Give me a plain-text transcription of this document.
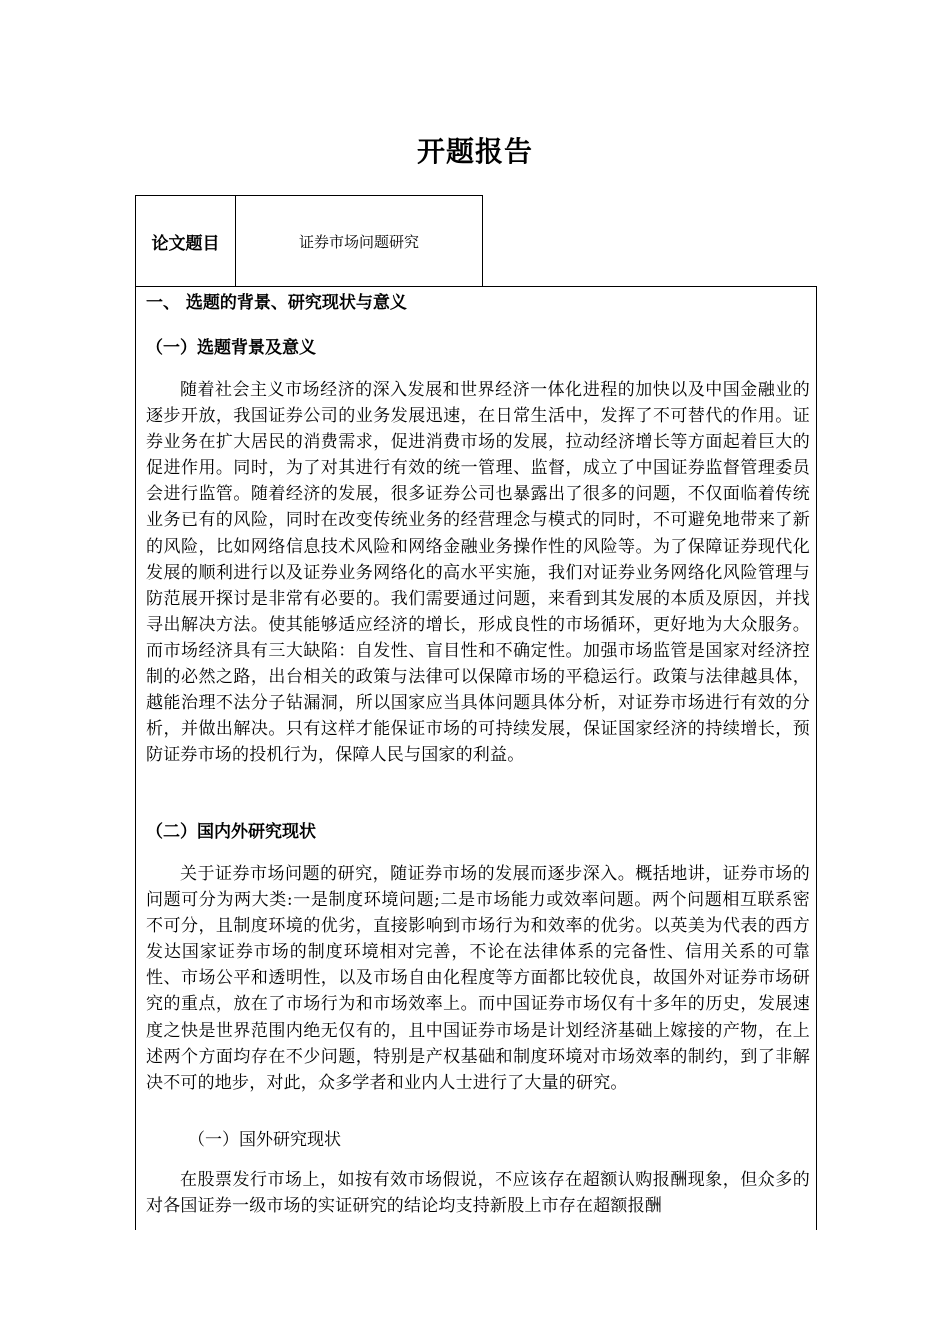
开题报告
论文题目	证券市场问题研究
一、 选题的背景、研究现状与意义
（一）选题背景及意义

随着社会主义市场经济的深入发展和世界经济一体化进程的加快以及中国金融业的逐步开放，我国证券公司的业务发展迅速，在日常生活中，发挥了不可替代的作用。证券业务在扩大居民的消费需求，促进消费市场的发展，拉动经济增长等方面起着巨大的促进作用。同时，为了对其进行有效的统一管理、监督，成立了中国证券监督管理委员会进行监管。随着经济的发展，很多证券公司也暴露出了很多的问题，不仅面临着传统业务已有的风险，同时在改变传统业务的经营理念与模式的同时，不可避免地带来了新的风险，比如网络信息技术风险和网络金融业务操作性的风险等。为了保障证券现代化发展的顺利进行以及证券业务网络化的高水平实施，我们对证券业务网络化风险管理与防范展开探讨是非常有必要的。我们需要通过问题，来看到其发展的本质及原因，并找寻出解决方法。使其能够适应经济的增长，形成良性的市场循环，更好地为大众服务。而市场经济具有三大缺陷：自发性、盲目性和不确定性。加强市场监管是国家对经济控制的必然之路，出台相关的政策与法律可以保障市场的平稳运行。政策与法律越具体，越能治理不法分子钻漏洞，所以国家应当具体问题具体分析，对证券市场进行有效的分析，并做出解决。只有这样才能保证市场的可持续发展，保证国家经济的持续增长，预防证券市场的投机行为，保障人民与国家的利益。

（二）国内外研究现状

关于证券市场问题的研究，随证券市场的发展而逐步深入。概括地讲，证券市场的问题可分为两大类:一是制度环境问题;二是市场能力或效率问题。两个问题相互联系密不可分，且制度环境的优劣，直接影响到市场行为和效率的优劣。以英美为代表的西方发达国家证券市场的制度环境相对完善，不论在法律体系的完备性、信用关系的可靠性、市场公平和透明性，以及市场自由化程度等方面都比较优良，故国外对证券市场研究的重点，放在了市场行为和市场效率上。而中国证券市场仅有十多年的历史，发展速度之快是世界范围内绝无仅有的，且中国证券市场是计划经济基础上嫁接的产物，在上述两个方面均存在不少问题，特别是产权基础和制度环境对市场效率的制约，到了非解决不可的地步，对此，众多学者和业内人士进行了大量的研究。

（一）国外研究现状

在股票发行市场上，如按有效市场假说，不应该存在超额认购报酬现象，但众多的对各国证券一级市场的实证研究的结论均支持新股上市存在超额报酬
